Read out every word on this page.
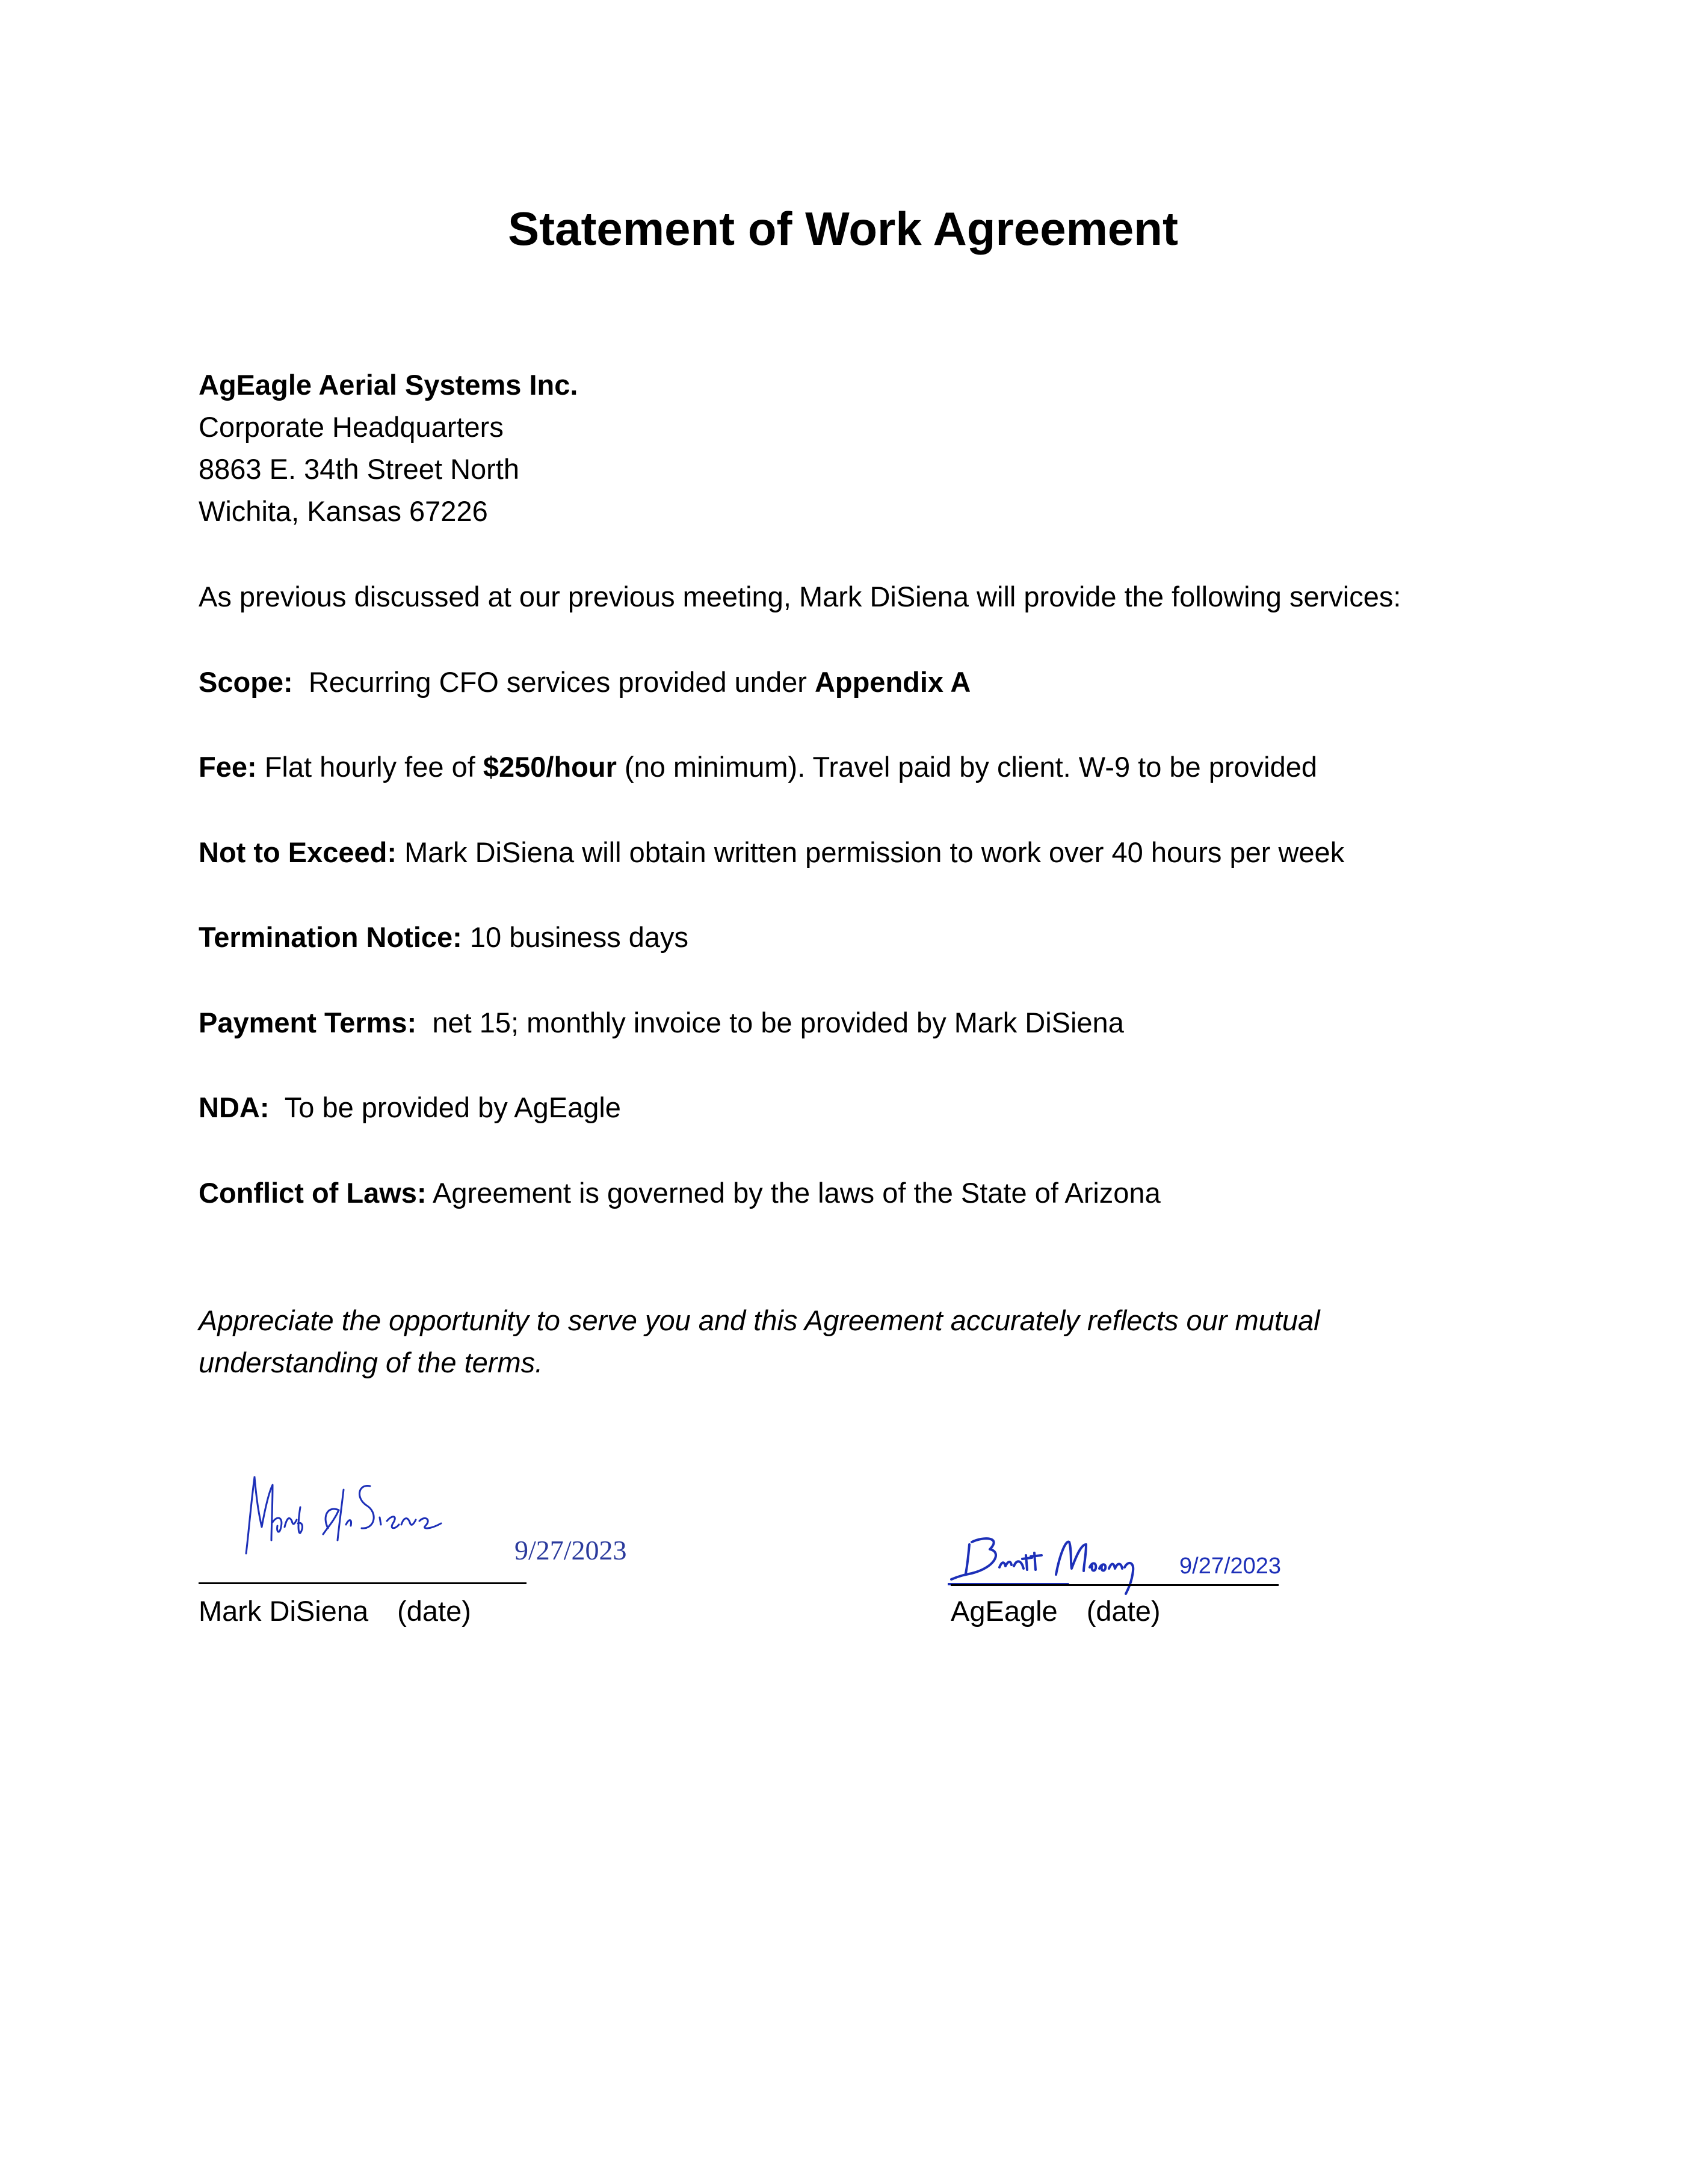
Statement of Work Agreement
AgEagle Aerial Systems Inc.
Corporate Headquarters
8863 E. 34th Street North
Wichita, Kansas 67226
As previous discussed at our previous meeting, Mark DiSiena will provide the following services:
Scope:  Recurring CFO services provided under Appendix A
Fee: Flat hourly fee of $250/hour (no minimum). Travel paid by client. W-9 to be provided
Not to Exceed: Mark DiSiena will obtain written permission to work over 40 hours per week
Termination Notice: 10 business days
Payment Terms:  net 15; monthly invoice to be provided by Mark DiSiena
NDA:  To be provided by AgEagle
Conflict of Laws: Agreement is governed by the laws of the State of Arizona
Appreciate the opportunity to serve you and this Agreement accurately reflects our mutual
understanding of the terms.
9/27/2023
Mark DiSiena (date)
9/27/2023
AgEagle (date)
